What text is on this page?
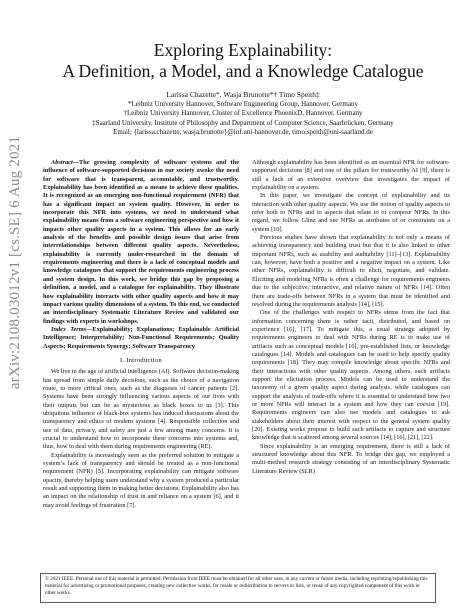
arXiv:2108.03012v1 [cs.SE] 6 Aug 2021
Exploring Explainability:
A Definition, a Model, and a Knowledge Catalogue
Larissa Chazette*, Wasja Brunotte*† Timo Speith‡
*Leibniz University Hannover, Software Engineering Group, Hannover, Germany
†Leibniz University Hannover, Cluster of Excellence PhoenixD, Hannover, Germany
‡Saarland University, Institute of Philosophy and Department of Computer Science, Saarbrücken, Germany
Email: {larissa.chazette, wasja.brunotte}@inf.uni-hannover.de, timo.speith@uni-saarland.de

Abstract—The growing complexity of software systems and the influence of software-supported decisions in our society awoke the need for software that is transparent, accountable, and trustworthy. Explainability has been identified as a means to achieve these qualities. It is recognized as an emerging non-functional requirement (NFR) that has a significant impact on system quality. However, in order to incorporate this NFR into systems, we need to understand what explainability means from a software engineering perspective and how it impacts other quality aspects in a system. This allows for an early analysis of the benefits and possible design issues that arise from interrelationships between different quality aspects. Nevertheless, explainability is currently under-researched in the domain of requirements engineering and there is a lack of conceptual models and knowledge catalogues that support the requirements engineering process and system design. In this work, we bridge this gap by proposing a definition, a model, and a catalogue for explainability. They illustrate how explainability interacts with other quality aspects and how it may impact various quality dimensions of a system. To this end, we conducted an interdisciplinary Systematic Literature Review and validated our findings with experts in workshops.

Index Terms—Explainability; Explanations; Explainable Artificial Intelligence; Interpretability; Non-Functional Requirements; Quality Aspects; Requirements Synergy; Software Transparency

I. Introduction

We live in the age of artificial intelligence (AI). Software decision-making has spread from simple daily decisions, such as the choice of a navigation route, to more critical ones, such as the diagnosis of cancer patients [2]. Systems have been strongly influencing various aspects of our lives with their outputs but can be as mysterious as black boxes to us [3]. This ubiquitous influence of black-box systems has induced discussions about the transparency and ethics of modern systems [4]. Responsible collection and use of data, privacy, and safety are just a few among many concerns. It is crucial to understand how to incorporate these concerns into systems and, thus, how to deal with them during requirements engineering (RE).

Explainability is increasingly seen as the preferred solution to mitigate a system’s lack of transparency and should be treated as a non-functional requirement (NFR) [5]. Incorporating explainability can mitigate software opacity, thereby helping users understand why a system produced a particular result and supporting them in making better decisions. Explainability also has an impact on the relationship of trust in and reliance on a system [6], and it may avoid feelings of frustration [7].

Although explainability has been identified as an essential NFR for software-supported decisions [8] and one of the pillars for trustworthy AI [9], there is still a lack of an extensive overview that investigates the impact of explainability on a system.

In this paper, we investigate the concept of explainability and its interaction with other quality aspects. We use the notion of quality aspects to refer both to NFRs and to aspects that relate to or compose NFRs. In this regard, we follow Glinz and see NFRs as attributes of or constraints on a system [10].

Previous studies have shown that explainability is not only a means of achieving transparency and building trust but that it is also linked to other important NFRs, such as usability and auditability [11]–[13]. Explainability can, however, have both a positive and a negative impact on a system. Like other NFRs, explainability is difficult to elicit, negotiate, and validate. Eliciting and modeling NFRs is often a challenge for requirements engineers due to the subjective, interactive, and relative nature of NFRs [14]. Often there are trade-offs between NFRs in a system that must be identified and resolved during the requirements analysis [14], [15].

One of the challenges with respect to NFRs stems from the fact that information concerning them is rather tacit, distributed, and based on experience [16], [17]. To mitigate this, a usual strategy adopted by requirements engineers to deal with NFRs during RE is to make use of artifacts such as conceptual models [16], pre-established lists, or knowledge catalogues [14]. Models and catalogues can be used to help specify quality requirements [18]. They may compile knowledge about specific NFRs and their interactions with other quality aspects. Among others, such artifacts support the elicitation process. Models can be used to understand the taxonomy of a given quality aspect during analysis, while catalogues can support the analysis of trade-offs where it is essential to understand how two or more NFRs will interact in a system and how they can coexist [19]. Requirements engineers can also use models and catalogues to ask stakeholders about their interest with respect to the general system quality [20]. Existing works propose to build such artifacts to capture and structure knowledge that is scattered among several sources [14], [16], [21], [22].

Since explainability is an emerging requirement, there is still a lack of structured knowledge about this NFR. To bridge this gap, we employed a multi-method research strategy consisting of an interdisciplinary Systematic Literature Review (SLR)

© 2021 IEEE. Personal use of this material is permitted. Permission from IEEE must be obtained for all other uses, in any current or future media, including reprinting/republishing this material for advertising or promotional purposes, creating new collective works, for resale or redistribution to servers or lists, or reuse of any copyrighted component of this work in other works.
